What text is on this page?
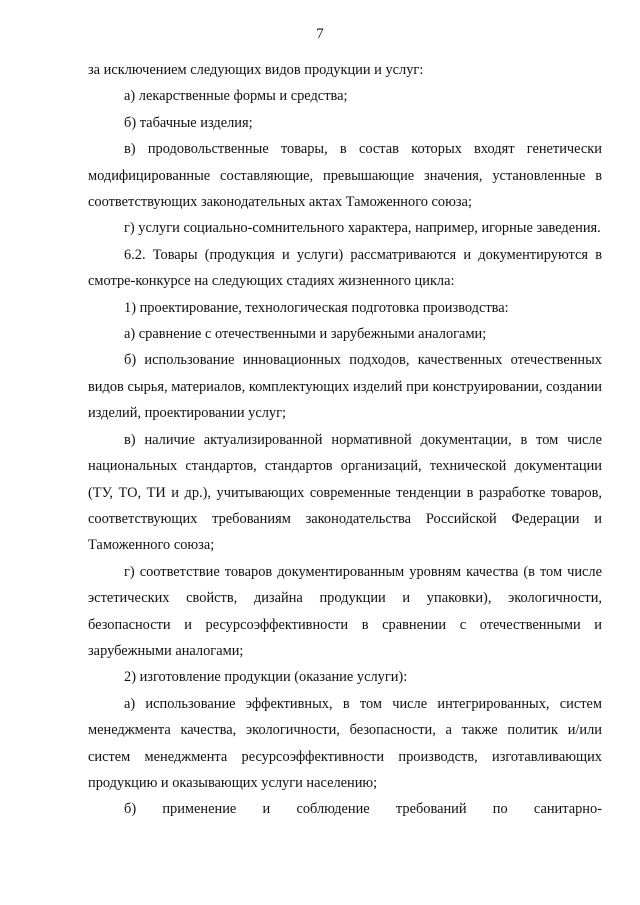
7

за исключением следующих видов продукции и услуг:

а) лекарственные формы и средства;

б) табачные изделия;

в) продовольственные товары, в состав которых входят генетически модифицированные составляющие, превышающие значения, установленные в соответствующих законодательных актах Таможенного союза;

г) услуги социально-сомнительного характера, например, игорные заведения.

6.2. Товары (продукция и услуги) рассматриваются и документируются в смотре-конкурсе на следующих стадиях жизненного цикла:

1) проектирование, технологическая подготовка производства:

а) сравнение с отечественными и зарубежными аналогами;

б) использование инновационных подходов, качественных отечественных видов сырья, материалов, комплектующих изделий при конструировании, создании изделий, проектировании услуг;

в) наличие актуализированной нормативной документации, в том числе национальных стандартов, стандартов организаций, технической документации (ТУ, ТО, ТИ и др.), учитывающих современные тенденции в разработке товаров, соответствующих требованиям законодательства Российской Федерации и Таможенного союза;

г) соответствие товаров документированным уровням качества (в том числе эстетических свойств, дизайна продукции и упаковки), экологичности, безопасности и ресурсоэффективности в сравнении с отечественными и зарубежными аналогами;

2) изготовление продукции (оказание услуги):

а) использование эффективных, в том числе интегрированных, систем менеджмента качества, экологичности, безопасности, а также политик и/или систем менеджмента ресурсоэффективности производств, изготавливающих продукцию и оказывающих услуги населению;

б) применение и соблюдение требований по санитарно-
